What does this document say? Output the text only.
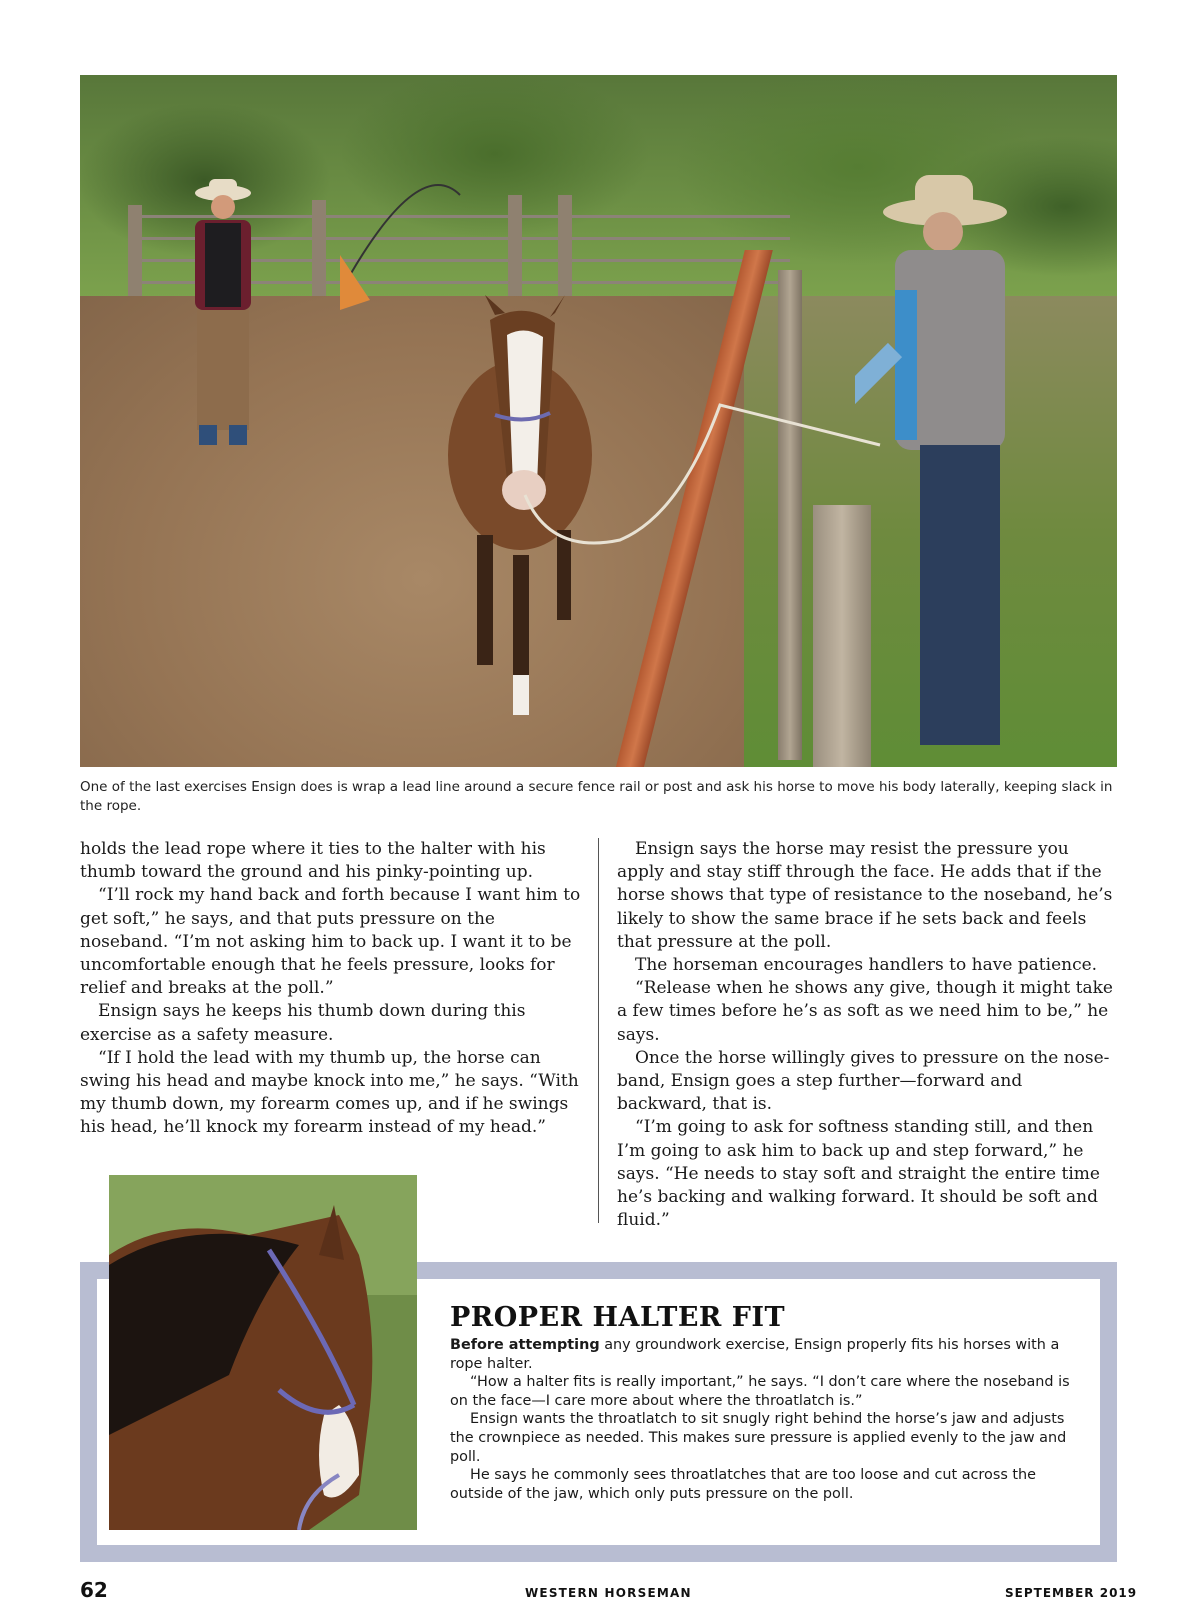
One of the last exercises Ensign does is wrap a lead line around a secure fence rail or post and ask his horse to move his body laterally, keeping slack in the rope.

holds the lead rope where it ties to the halter with his thumb toward the ground and his pinky-pointing up.

“I’ll rock my hand back and forth because I want him to get soft,” he says, and that puts pressure on the noseband. “I’m not asking him to back up. I want it to be uncomfortable enough that he feels pressure, looks for relief and breaks at the poll.”

Ensign says he keeps his thumb down during this exercise as a safety measure.

“If I hold the lead with my thumb up, the horse can swing his head and maybe knock into me,” he says. “With my thumb down, my forearm comes up, and if he swings his head, he’ll knock my forearm instead of my head.”

Ensign says the horse may resist the pressure you apply and stay stiff through the face. He adds that if the horse shows that type of resistance to the noseband, he’s likely to show the same brace if he sets back and feels that pressure at the poll.

The horseman encourages handlers to have patience.

“Release when he shows any give, though it might take a few times before he’s as soft as we need him to be,” he says.

Once the horse willingly gives to pressure on the nose-band, Ensign goes a step further—forward and backward, that is.

“I’m going to ask for softness standing still, and then I’m going to ask him to back up and step forward,” he says. “He needs to stay soft and straight the entire time he’s backing and walking forward. It should be soft and fluid.”

PROPER HALTER FIT

Before attempting any groundwork exercise, Ensign properly fits his horses with a rope halter.

“How a halter fits is really important,” he says. “I don’t care where the noseband is on the face—I care more about where the throatlatch is.”

Ensign wants the throatlatch to sit snugly right behind the horse’s jaw and adjusts the crownpiece as needed. This makes sure pressure is applied evenly to the jaw and poll.

He says he commonly sees throatlatches that are too loose and cut across the outside of the jaw, which only puts pressure on the poll.

62	WESTERN HORSEMAN	SEPTEMBER 2019
